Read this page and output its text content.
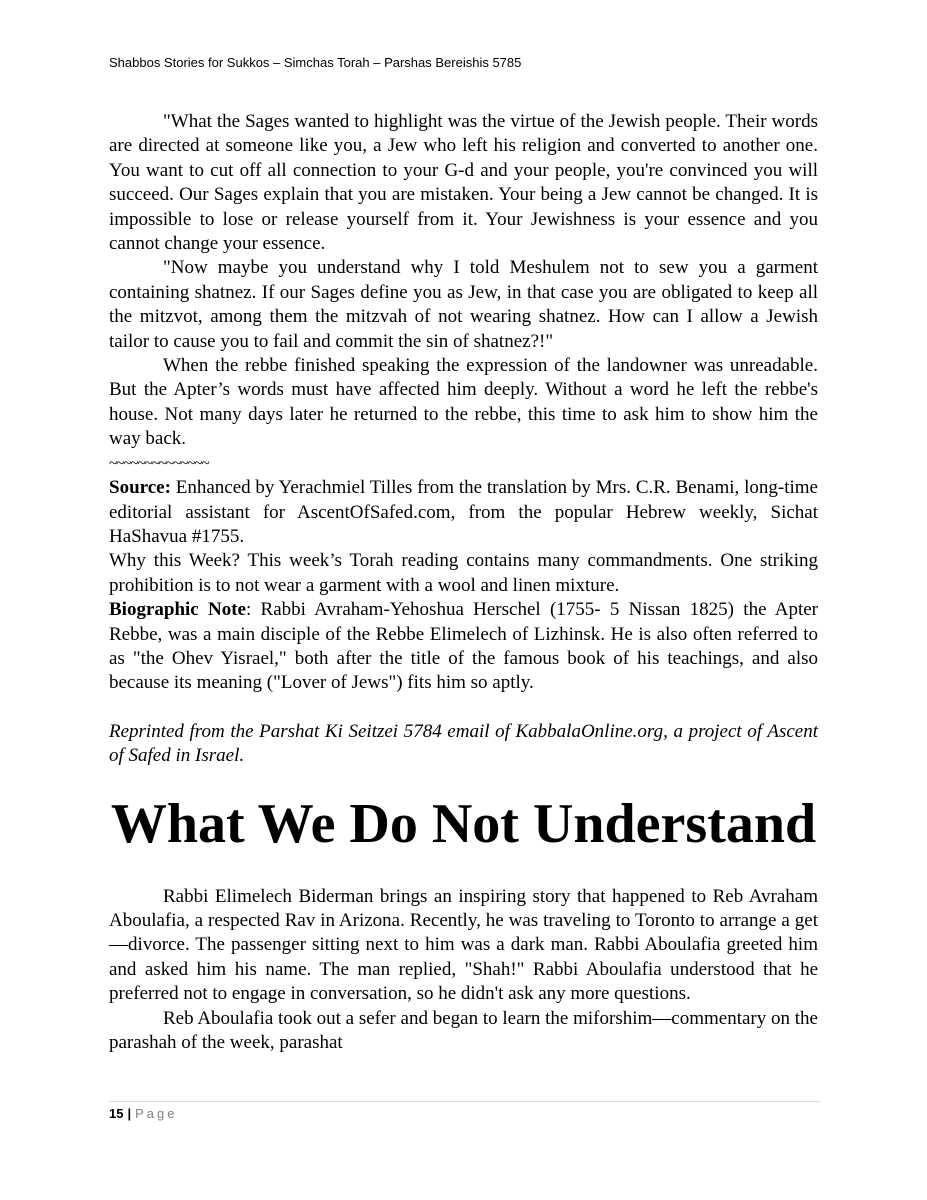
Shabbos Stories for Sukkos – Simchas Torah – Parshas Bereishis 5785

"What the Sages wanted to highlight was the virtue of the Jewish people. Their words are directed at someone like you, a Jew who left his religion and converted to another one. You want to cut off all connection to your G-d and your people, you're convinced you will succeed. Our Sages explain that you are mistaken. Your being a Jew cannot be changed. It is impossible to lose or release yourself from it. Your Jewishness is your essence and you cannot change your essence.

"Now maybe you understand why I told Meshulem not to sew you a garment containing shatnez. If our Sages define you as Jew, in that case you are obligated to keep all the mitzvot, among them the mitzvah of not wearing shatnez. How can I allow a Jewish tailor to cause you to fail and commit the sin of shatnez?!"

When the rebbe finished speaking the expression of the landowner was unreadable. But the Apter’s words must have affected him deeply. Without a word he left the rebbe's house. Not many days later he returned to the rebbe, this time to ask him to show him the way back.

~~~~~~~~~~~~~~

Source: Enhanced by Yerachmiel Tilles from the translation by Mrs. C.R. Benami, long-time editorial assistant for AscentOfSafed.com, from the popular Hebrew weekly, Sichat HaShavua #1755.

Why this Week? This week’s Torah reading contains many commandments. One striking prohibition is to not wear a garment with a wool and linen mixture.

Biographic Note: Rabbi Avraham-Yehoshua Herschel (1755- 5 Nissan 1825) the Apter Rebbe, was a main disciple of the Rebbe Elimelech of Lizhinsk. He is also often referred to as "the Ohev Yisrael," both after the title of the famous book of his teachings, and also because its meaning ("Lover of Jews") fits him so aptly.

Reprinted from the Parshat Ki Seitzei 5784 email of KabbalaOnline.org, a project of Ascent of Safed in Israel.

What We Do Not Understand

Rabbi Elimelech Biderman brings an inspiring story that happened to Reb Avraham Aboulafia, a respected Rav in Arizona. Recently, he was traveling to Toronto to arrange a get—divorce. The passenger sitting next to him was a dark man. Rabbi Aboulafia greeted him and asked him his name. The man replied, "Shah!" Rabbi Aboulafia understood that he preferred not to engage in conversation, so he didn't ask any more questions.

Reb Aboulafia took out a sefer and began to learn the miforshim—commentary on the parashah of the week, parashat

15 | Page
